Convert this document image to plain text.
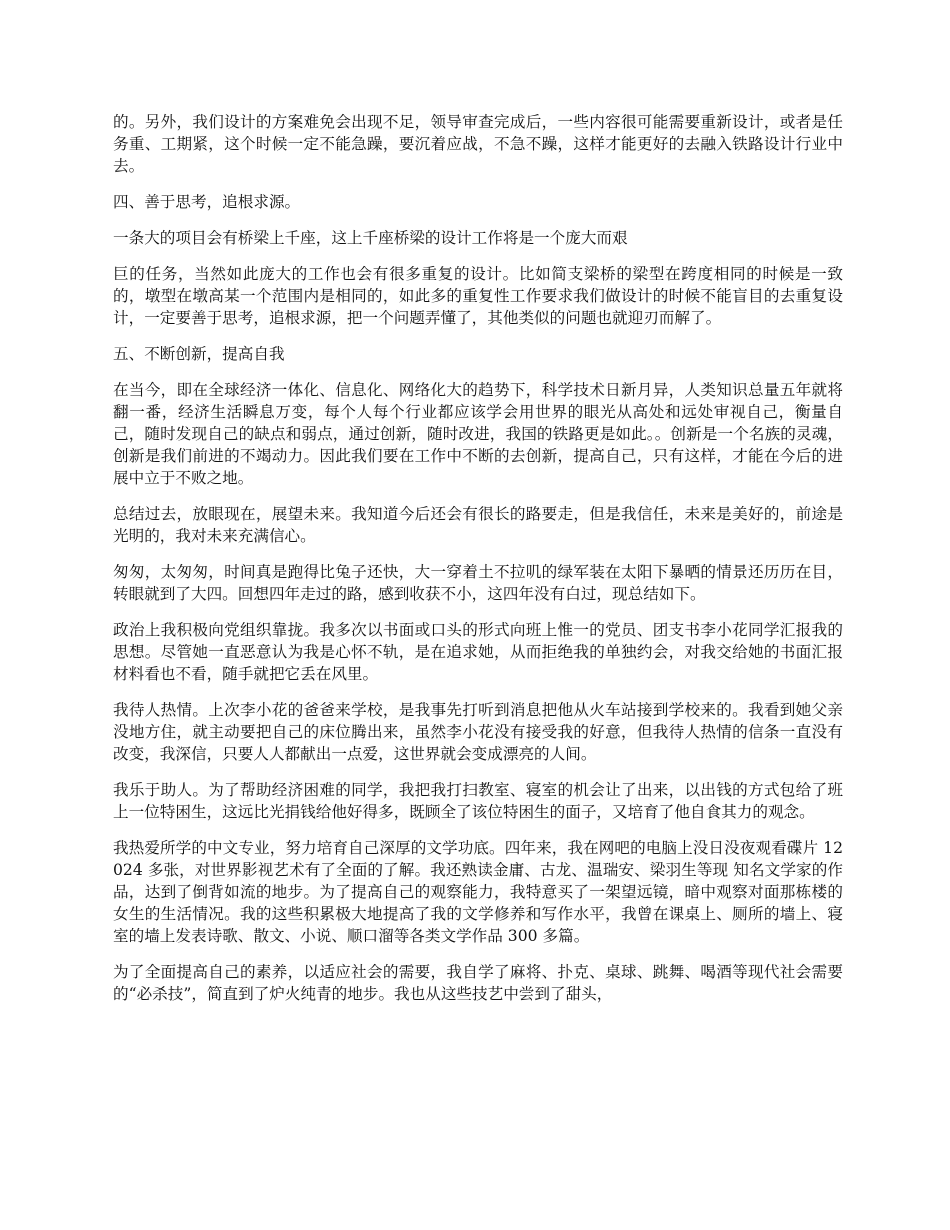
的。另外，我们设计的方案难免会出现不足，领导审查完成后，一些内容很可能需要重新设计，或者是任务重、工期紧，这个时候一定不能急躁，要沉着应战，不急不躁，这样才能更好的去融入铁路设计行业中去。

四、善于思考，追根求源。

一条大的项目会有桥梁上千座，这上千座桥梁的设计工作将是一个庞大而艰

巨的任务，当然如此庞大的工作也会有很多重复的设计。比如简支梁桥的梁型在跨度相同的时候是一致的，墩型在墩高某一个范围内是相同的，如此多的重复性工作要求我们做设计的时候不能盲目的去重复设计，一定要善于思考，追根求源，把一个问题弄懂了，其他类似的问题也就迎刃而解了。

五、不断创新，提高自我

在当今，即在全球经济一体化、信息化、网络化大的趋势下，科学技术日新月异，人类知识总量五年就将翻一番，经济生活瞬息万变，每个人每个行业都应该学会用世界的眼光从高处和远处审视自己，衡量自己，随时发现自己的缺点和弱点，通过创新，随时改进，我国的铁路更是如此。。创新是一个名族的灵魂，创新是我们前进的不竭动力。因此我们要在工作中不断的去创新，提高自己，只有这样，才能在今后的进展中立于不败之地。

总结过去，放眼现在，展望未来。我知道今后还会有很长的路要走，但是我信任，未来是美好的，前途是光明的，我对未来充满信心。

匆匆，太匆匆，时间真是跑得比兔子还快，大一穿着土不拉叽的绿军装在太阳下暴晒的情景还历历在目，转眼就到了大四。回想四年走过的路，感到收获不小，这四年没有白过，现总结如下。

政治上我积极向党组织靠拢。我多次以书面或口头的形式向班上惟一的党员、团支书李小花同学汇报我的思想。尽管她一直恶意认为我是心怀不轨，是在追求她，从而拒绝我的单独约会，对我交给她的书面汇报材料看也不看，随手就把它丢在风里。

我待人热情。上次李小花的爸爸来学校，是我事先打听到消息把他从火车站接到学校来的。我看到她父亲没地方住，就主动要把自己的床位腾出来，虽然李小花没有接受我的好意，但我待人热情的信条一直没有改变，我深信，只要人人都献出一点爱，这世界就会变成漂亮的人间。

我乐于助人。为了帮助经济困难的同学，我把我打扫教室、寝室的机会让了出来，以出钱的方式包给了班上一位特困生，这远比光捐钱给他好得多，既顾全了该位特困生的面子，又培育了他自食其力的观念。

我热爱所学的中文专业，努力培育自己深厚的文学功底。四年来，我在网吧的电脑上没日没夜观看碟片 12024 多张，对世界影视艺术有了全面的了解。我还熟读金庸、古龙、温瑞安、梁羽生等现 知名文学家的作品，达到了倒背如流的地步。为了提高自己的观察能力，我特意买了一架望远镜，暗中观察对面那栋楼的女生的生活情况。我的这些积累极大地提高了我的文学修养和写作水平，我曾在课桌上、厕所的墙上、寝室的墙上发表诗歌、散文、小说、顺口溜等各类文学作品 300 多篇。

为了全面提高自己的素养，以适应社会的需要，我自学了麻将、扑克、桌球、跳舞、喝酒等现代社会需要的“必杀技”，简直到了炉火纯青的地步。我也从这些技艺中尝到了甜头，
